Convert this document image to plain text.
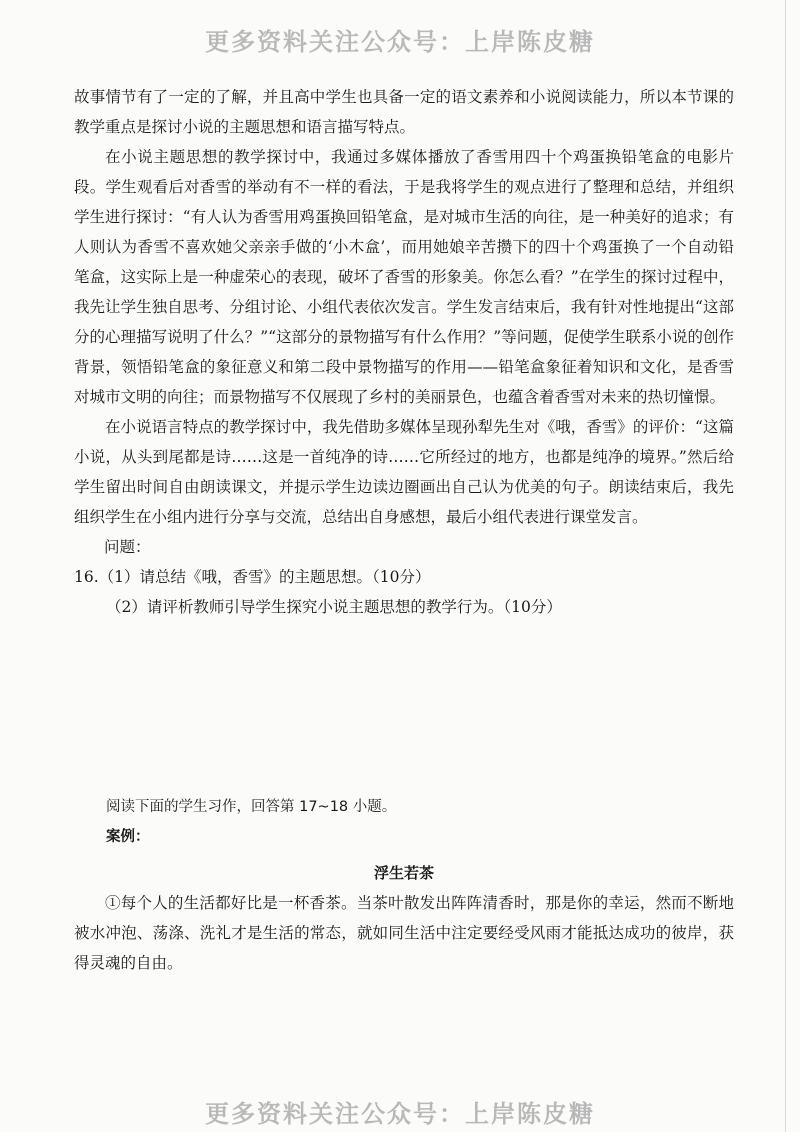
更多资料关注公众号：上岸陈皮糖

故事情节有了一定的了解，并且高中学生也具备一定的语文素养和小说阅读能力，所以本节课的教学重点是探讨小说的主题思想和语言描写特点。

在小说主题思想的教学探讨中，我通过多媒体播放了香雪用四十个鸡蛋换铅笔盒的电影片段。学生观看后对香雪的举动有不一样的看法，于是我将学生的观点进行了整理和总结，并组织学生进行探讨：“有人认为香雪用鸡蛋换回铅笔盒，是对城市生活的向往，是一种美好的追求；有人则认为香雪不喜欢她父亲亲手做的‘小木盒’，而用她娘辛苦攒下的四十个鸡蛋换了一个自动铅笔盒，这实际上是一种虚荣心的表现，破坏了香雪的形象美。你怎么看？”在学生的探讨过程中，我先让学生独自思考、分组讨论、小组代表依次发言。学生发言结束后，我有针对性地提出“这部分的心理描写说明了什么？”“这部分的景物描写有什么作用？”等问题，促使学生联系小说的创作背景，领悟铅笔盒的象征意义和第二段中景物描写的作用——铅笔盒象征着知识和文化，是香雪对城市文明的向往；而景物描写不仅展现了乡村的美丽景色，也蕴含着香雪对未来的热切憧憬。

在小说语言特点的教学探讨中，我先借助多媒体呈现孙犁先生对《哦，香雪》的评价：“这篇小说，从头到尾都是诗……这是一首纯净的诗……它所经过的地方，也都是纯净的境界。”然后给学生留出时间自由朗读课文，并提示学生边读边圈画出自己认为优美的句子。朗读结束后，我先组织学生在小组内进行分享与交流，总结出自身感想，最后小组代表进行课堂发言。

问题：

16.（1）请总结《哦，香雪》的主题思想。（10分）

（2）请评析教师引导学生探究小说主题思想的教学行为。（10分）

阅读下面的学生习作，回答第 17~18 小题。

案例：

浮生若茶

①每个人的生活都好比是一杯香茶。当茶叶散发出阵阵清香时，那是你的幸运，然而不断地被水冲泡、荡涤、洗礼才是生活的常态，就如同生活中注定要经受风雨才能抵达成功的彼岸，获得灵魂的自由。

更多资料关注公众号：上岸陈皮糖
